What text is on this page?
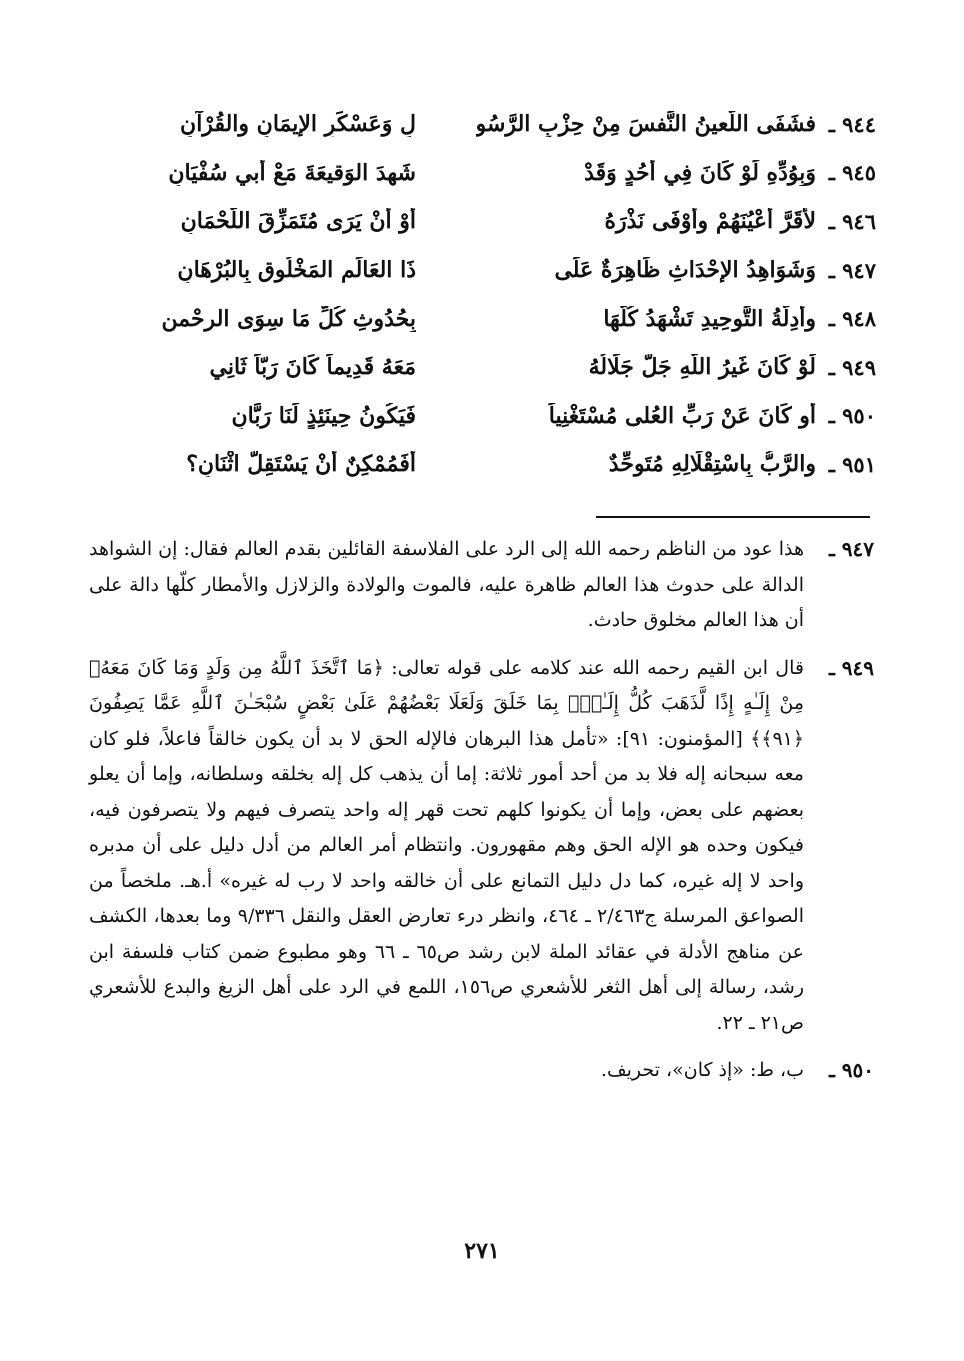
٩٤٤ ـ
فشَفَى اللَّعينُ النَّفسَ مِنْ حِزْبِ الرَّسُو
لِ وَعَسْكَرِ الإيمَانِ والقُرْآنِ
٩٤٥ ـ
وَبِوُدِّهِ لَوْ كَانَ فِي أُحُدٍ وَقَدْ
شَهِدَ الوَقيعَةَ مَعْ أبي سُفْيَانِ
٩٤٦ ـ
لأقَرَّ أعْيُنَهُمْ وأوْفَى نَذْرَهُ
أوْ أنْ يَرَى مُتَمَزِّقَ اللُّحْمَانِ
٩٤٧ ـ
وَشَوَاهِدُ الإحْدَاثِ ظَاهِرَةٌ عَلَى
ذَا العَالَمِ المَخْلُوقِ بِالبُرْهَانِ
٩٤٨ ـ
وأدِلَّةُ التَّوحِيدِ تَشْهَدُ كُلُّهَا
بِحُدُوثِ كُلِّ مَا سِوَى الرحْمنِ
٩٤٩ ـ
لَوْ كَانَ غَيرُ اللَّهِ جَلَّ جَلَالُهُ
مَعَهُ قَدِيماً كَانَ رَبّاً ثَانِي
٩٥٠ ـ
أو كَانَ عَنْ رَبِّ العُلى مُسْتَغْنِياً
فَيَكُونُ حِينَئِذٍ لَنَا رَبَّانِ
٩٥١ ـ
والرَّبُّ بِاسْتِقْلَالِهِ مُتَوحِّدٌ
أفَمُمْكِنٌ أنْ يَسْتَقِلَّ اثْنَانِ؟
٩٤٧ ـ

هذا عود من الناظم رحمه الله إلى الرد على الفلاسفة القائلين بقدم العالم فقال: إن الشواهد الدالة على حدوث هذا العالم ظاهرة عليه، فالموت والولادة والزلازل والأمطار كلّها دالة على أن هذا العالم مخلوق حادث.

٩٤٩ ـ

قال ابن القيم رحمه الله عند كلامه على قوله تعالى: ﴿مَا ٱتَّخَذَ ٱللَّهُ مِن وَلَدٍ وَمَا كَانَ مَعَهُۥ مِنْ إِلَـٰهٍ إِذًا لَّذَهَبَ كُلُّ إِلَـٰهِۭ بِمَا خَلَقَ وَلَعَلَا بَعْضُهُمْ عَلَىٰ بَعْضٍ سُبْحَـٰنَ ٱللَّهِ عَمَّا يَصِفُونَ ﴿٩١﴾﴾ [المؤمنون: ٩١]: «تأمل هذا البرهان فالإله الحق لا بد أن يكون خالقاً فاعلاً، فلو كان معه سبحانه إله فلا بد من أحد أمور ثلاثة: إما أن يذهب كل إله بخلقه وسلطانه، وإما أن يعلو بعضهم على بعض، وإما أن يكونوا كلهم تحت قهر إله واحد يتصرف فيهم ولا يتصرفون فيه، فيكون وحده هو الإله الحق وهم مقهورون. وانتظام أمر العالم من أدل دليل على أن مدبره واحد لا إله غيره، كما دل دليل التمانع على أن خالقه واحد لا رب له غيره» أ.هـ. ملخصاً من الصواعق المرسلة ج٢/٤٦٣ ـ ٤٦٤، وانظر درء تعارض العقل والنقل ٩/٣٣٦ وما بعدها، الكشف عن مناهج الأدلة في عقائد الملة لابن رشد ص٦٥ ـ ٦٦ وهو مطبوع ضمن كتاب فلسفة ابن رشد، رسالة إلى أهل الثغر للأشعري ص١٥٦، اللمع في الرد على أهل الزيغ والبدع للأشعري ص٢١ ـ ٢٢.

٩٥٠ ـ

ب، ط: «إذ كان»، تحريف.

٢٧١
